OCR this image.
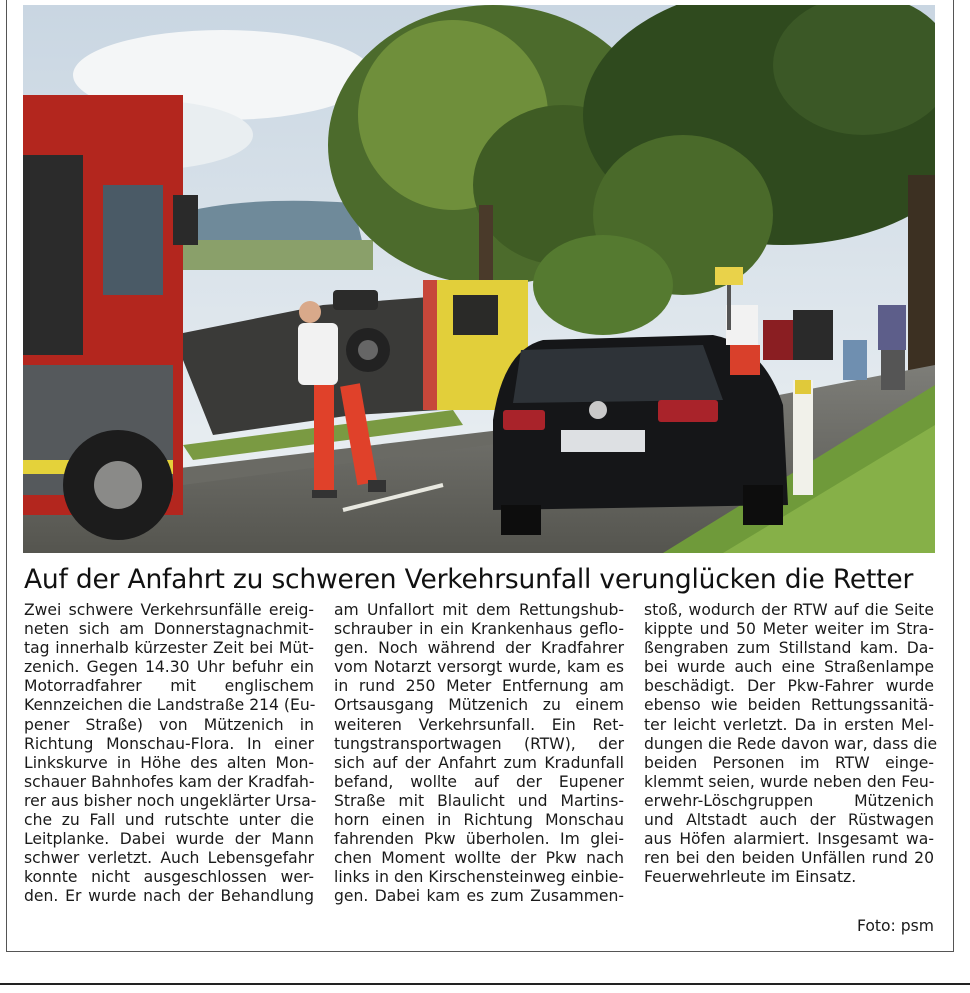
Auf der Anfahrt zu schweren Verkehrsunfall verunglücken die Retter
Zwei schwere Verkehrsunfälle ereig-
neten sich am Donnerstagnachmit-
tag innerhalb kürzester Zeit bei Müt-
zenich. Gegen 14.30 Uhr befuhr ein
Motorradfahrer mit englischem
Kennzeichen die Landstraße 214 (Eu-
pener Straße) von Mützenich in
Richtung Monschau-Flora. In einer
Linkskurve in Höhe des alten Mon-
schauer Bahnhofes kam der Kradfah-
rer aus bisher noch ungeklärter Ursa-
che zu Fall und rutschte unter die
Leitplanke. Dabei wurde der Mann
schwer verletzt. Auch Lebensgefahr
konnte nicht ausgeschlossen wer-
den. Er wurde nach der Behandlung
am Unfallort mit dem Rettungshub-
schrauber in ein Krankenhaus geflo-
gen. Noch während der Kradfahrer
vom Notarzt versorgt wurde, kam es
in rund 250 Meter Entfernung am
Ortsausgang Mützenich zu einem
weiteren Verkehrsunfall. Ein Ret-
tungstransportwagen (RTW), der
sich auf der Anfahrt zum Kradunfall
befand, wollte auf der Eupener
Straße mit Blaulicht und Martins-
horn einen in Richtung Monschau
fahrenden Pkw überholen. Im glei-
chen Moment wollte der Pkw nach
links in den Kirschensteinweg einbie-
gen. Dabei kam es zum Zusammen-
stoß, wodurch der RTW auf die Seite
kippte und 50 Meter weiter im Stra-
ßengraben zum Stillstand kam. Da-
bei wurde auch eine Straßenlampe
beschädigt. Der Pkw-Fahrer wurde
ebenso wie beiden Rettungssanitä-
ter leicht verletzt. Da in ersten Mel-
dungen die Rede davon war, dass die
beiden Personen im RTW einge-
klemmt seien, wurde neben den Feu-
erwehr-Löschgruppen Mützenich
und Altstadt auch der Rüstwagen
aus Höfen alarmiert. Insgesamt wa-
ren bei den beiden Unfällen rund 20
Feuerwehrleute im Einsatz.
Foto: psm
